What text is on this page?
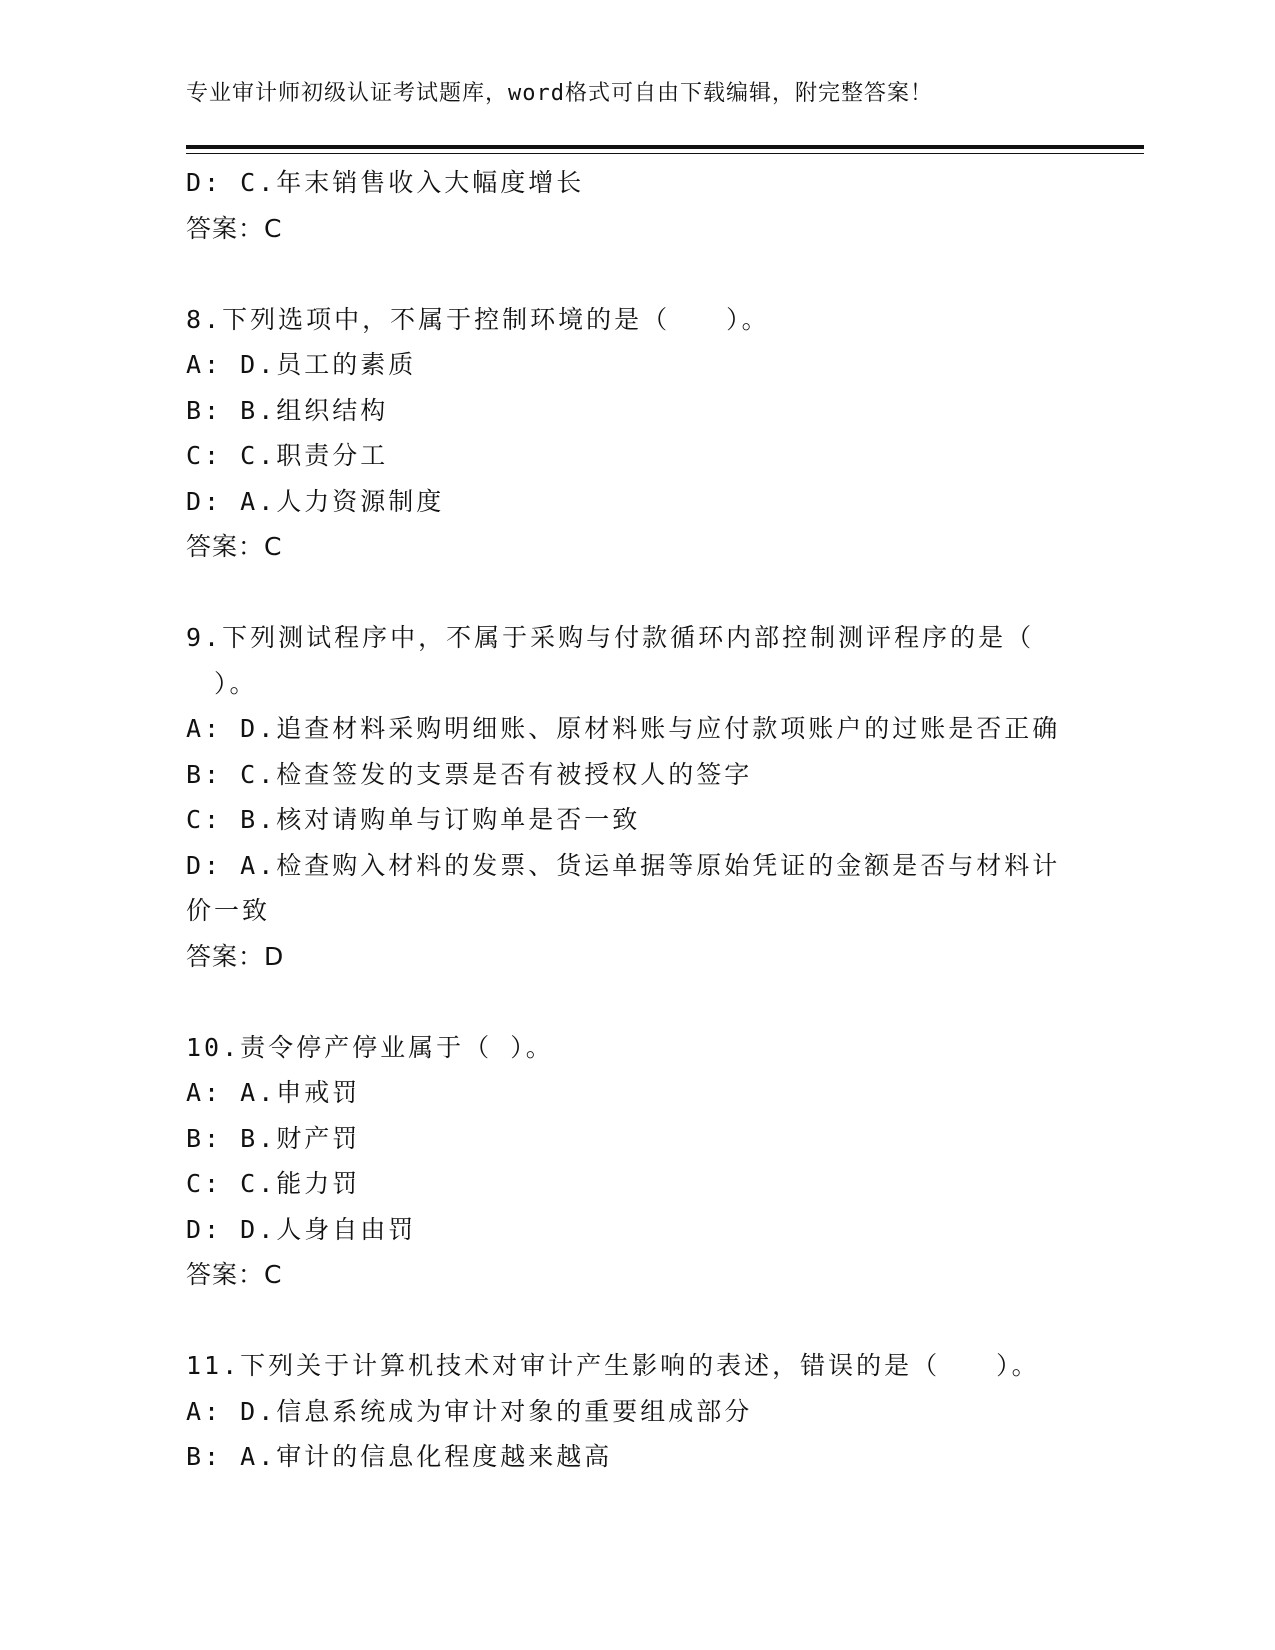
专业审计师初级认证考试题库，word格式可自由下载编辑，附完整答案！
D: C.年末销售收入大幅度增长
答案：C
8.下列选项中，不属于控制环境的是（　　）。
A: D.员工的素质
B: B.组织结构
C: C.职责分工
D: A.人力资源制度
答案：C
9.下列测试程序中，不属于采购与付款循环内部控制测评程序的是（
　）。
A: D.追查材料采购明细账、原材料账与应付款项账户的过账是否正确
B: C.检查签发的支票是否有被授权人的签字
C: B.核对请购单与订购单是否一致
D: A.检查购入材料的发票、货运单据等原始凭证的金额是否与材料计
价一致
答案：D
10.责令停产停业属于（ ）。
A: A.申戒罚
B: B.财产罚
C: C.能力罚
D: D.人身自由罚
答案：C
11.下列关于计算机技术对审计产生影响的表述，错误的是（　　）。
A: D.信息系统成为审计对象的重要组成部分
B: A.审计的信息化程度越来越高
